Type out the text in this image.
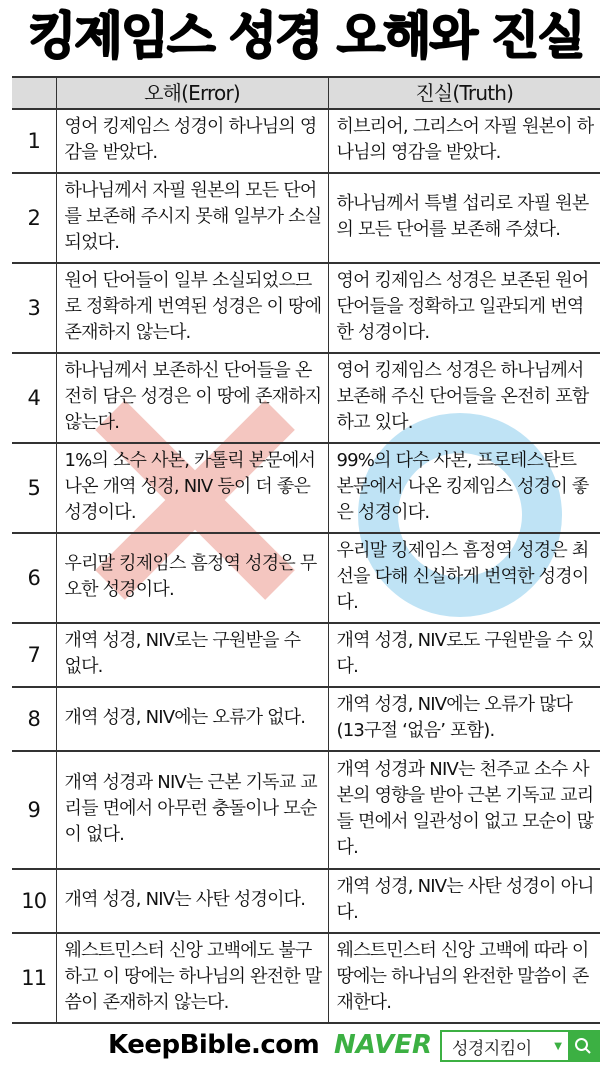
킹제임스 성경 오해와 진실
	오해(Error)	진실(Truth)
1	영어 킹제임스 성경이 하나님의 영감을 받았다.	히브리어, 그리스어 자필 원본이 하나님의 영감을 받았다.
2	하나님께서 자필 원본의 모든 단어를 보존해 주시지 못해 일부가 소실되었다.	하나님께서 특별 섭리로 자필 원본의 모든 단어를 보존해 주셨다.
3	원어 단어들이 일부 소실되었으므로 정확하게 번역된 성경은 이 땅에 존재하지 않는다.	영어 킹제임스 성경은 보존된 원어 단어들을 정확하고 일관되게 번역한 성경이다.
4	하나님께서 보존하신 단어들을 온전히 담은 성경은 이 땅에 존재하지 않는다.	영어 킹제임스 성경은 하나님께서 보존해 주신 단어들을 온전히 포함하고 있다.
5	1%의 소수 사본, 카톨릭 본문에서 나온 개역 성경, NIV 등이 더 좋은 성경이다.	99%의 다수 사본, 프로테스탄트 본문에서 나온 킹제임스 성경이 좋은 성경이다.
6	우리말 킹제임스 흠정역 성경은 무오한 성경이다.	우리말 킹제임스 흠정역 성경은 최선을 다해 신실하게 번역한 성경이다.
7	개역 성경, NIV로는 구원받을 수 없다.	개역 성경, NIV로도 구원받을 수 있다.
8	개역 성경, NIV에는 오류가 없다.	개역 성경, NIV에는 오류가 많다(13구절 ‘없음’ 포함).
9	개역 성경과 NIV는 근본 기독교 교리들 면에서 아무런 충돌이나 모순이 없다.	개역 성경과 NIV는 천주교 소수 사본의 영향을 받아 근본 기독교 교리들 면에서 일관성이 없고 모순이 많다.
10	개역 성경, NIV는 사탄 성경이다.	개역 성경, NIV는 사탄 성경이 아니다.
11	웨스트민스터 신앙 고백에도 불구하고 이 땅에는 하나님의 완전한 말씀이 존재하지 않는다.	웨스트민스터 신앙 고백에 따라 이 땅에는 하나님의 완전한 말씀이 존재한다.
KeepBible.com NAVER	성경지킴이	▼
